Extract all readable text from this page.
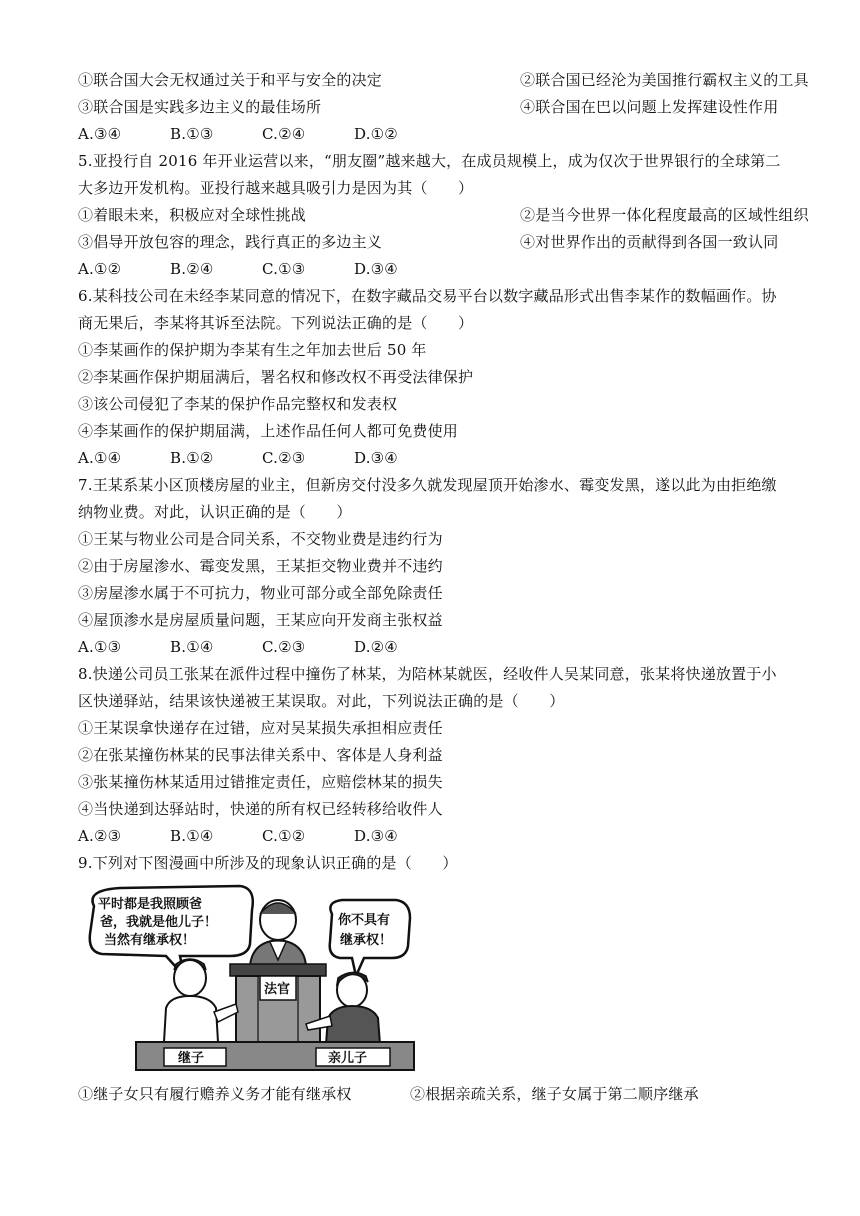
①联合国大会无权通过关于和平与安全的决定	②联合国已经沦为美国推行霸权主义的工具
③联合国是实践多边主义的最佳场所	④联合国在巴以问题上发挥建设性作用
A.③④	B.①③	C.②④	D.①②
5.亚投行自 2016 年开业运营以来，“朋友圈”越来越大，在成员规模上，成为仅次于世界银行的全球第二
大多边开发机构。亚投行越来越具吸引力是因为其（　　）
①着眼未来，积极应对全球性挑战	②是当今世界一体化程度最高的区域性组织
③倡导开放包容的理念，践行真正的多边主义	④对世界作出的贡献得到各国一致认同
A.①②	B.②④	C.①③	D.③④
6.某科技公司在未经李某同意的情况下，在数字藏品交易平台以数字藏品形式出售李某作的数幅画作。协
商无果后，李某将其诉至法院。下列说法正确的是（　　）
①李某画作的保护期为李某有生之年加去世后 50 年
②李某画作保护期届满后，署名权和修改权不再受法律保护
③该公司侵犯了李某的保护作品完整权和发表权
④李某画作的保护期届满，上述作品任何人都可免费使用
A.①④	B.①②	C.②③	D.③④
7.王某系某小区顶楼房屋的业主，但新房交付没多久就发现屋顶开始渗水、霉变发黑，遂以此为由拒绝缴
纳物业费。对此，认识正确的是（　　）
①王某与物业公司是合同关系，不交物业费是违约行为
②由于房屋渗水、霉变发黑，王某拒交物业费并不违约
③房屋渗水属于不可抗力，物业可部分或全部免除责任
④屋顶渗水是房屋质量问题，王某应向开发商主张权益
A.①③	B.①④	C.②③	D.②④
8.快递公司员工张某在派件过程中撞伤了林某，为陪林某就医，经收件人吴某同意，张某将快递放置于小
区快递驿站，结果该快递被王某误取。对此，下列说法正确的是（　　）
①王某误拿快递存在过错，应对吴某损失承担相应责任
②在张某撞伤林某的民事法律关系中、客体是人身利益
③张某撞伤林某适用过错推定责任，应赔偿林某的损失
④当快递到达驿站时，快递的所有权已经转移给收件人
A.②③	B.①④	C.①②	D.③④
9.下列对下图漫画中所涉及的现象认识正确的是（　　）
平时都是我照顾爸
爸，我就是他儿子！
当然有继承权！
你不具有
继承权！
法官
继子	亲儿子
①继子女只有履行赡养义务才能有继承权	②根据亲疏关系，继子女属于第二顺序继承
